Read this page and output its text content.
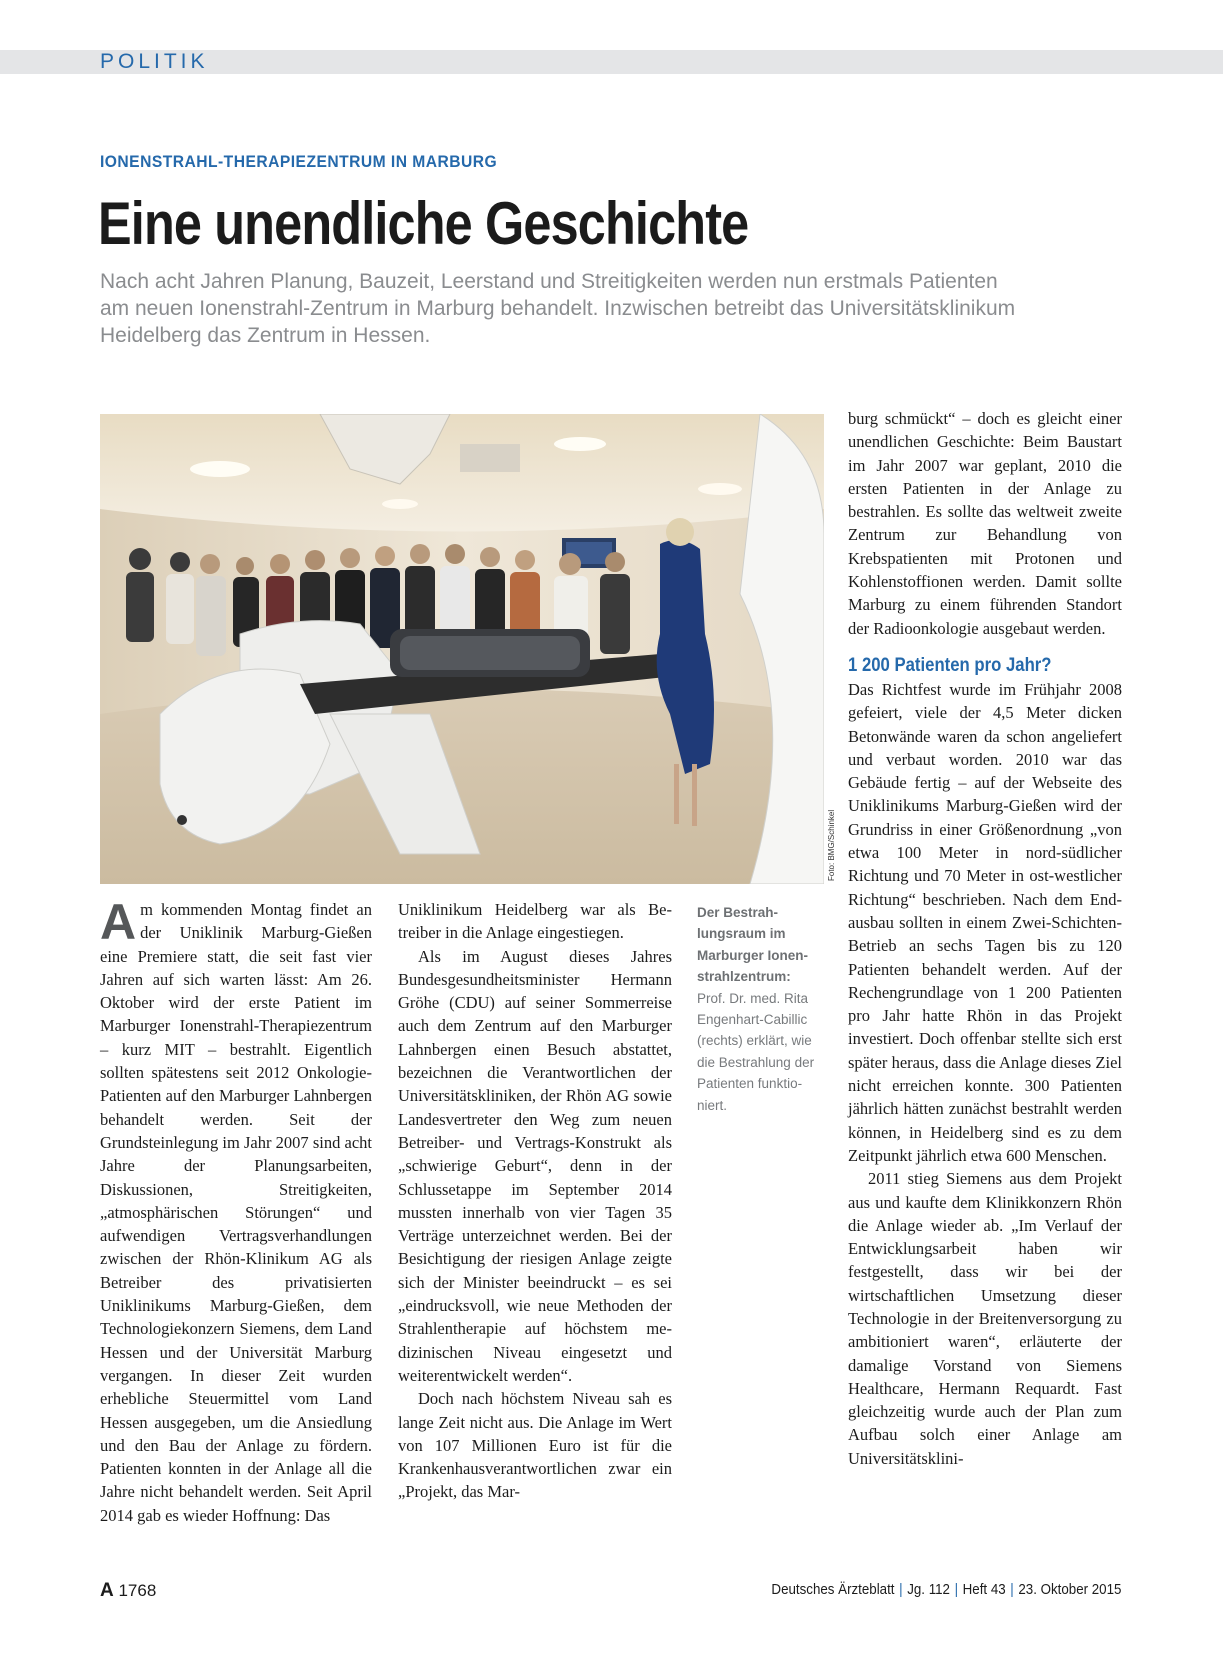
POLITIK
IONENSTRAHL-THERAPIEZENTRUM IN MARBURG
Eine unendliche Geschichte

Nach acht Jahren Planung, Bauzeit, Leerstand und Streitigkeiten werden nun erstmals Patienten am neuen Ionenstrahl-Zentrum in Marburg behandelt. Inzwischen betreibt das Universitätsklinikum Heidelberg das Zentrum in Hessen.

Foto: BMG/Schinkel

Am kommenden Montag findet an der Uniklinik Marburg-Gießen eine Premiere statt, die seit fast vier Jahren auf sich warten lässt: Am 26. Oktober wird der erste Patient im Marburger Ionenstrahl-Therapiezentrum – kurz MIT – bestrahlt. Eigentlich sollten spätestens seit 2012 Onkologie-Patienten auf den Marburger Lahnbergen behandelt werden. Seit der Grundsteinlegung im Jahr 2007 sind acht Jahre der Planungsarbeiten, Diskussionen, Streitigkeiten, „atmosphärischen Störungen“ und aufwendigen Vertragsverhandlungen zwischen der Rhön-Klinikum AG als Betreiber des privatisierten Uniklinikums Marburg-Gießen, dem Technologiekonzern Siemens, dem Land Hessen und der Universität Marburg vergangen. In dieser Zeit wurden erhebliche Steuermittel vom Land Hessen ausgegeben, um die Ansiedlung und den Bau der Anlage zu fördern. Patienten konnten in der Anlage all die Jahre nicht behandelt werden. Seit April 2014 gab es wieder Hoffnung: Das

Uniklinikum Heidelberg war als Betreiber in die Anlage eingestiegen.

Als im August dieses Jahres Bundesgesundheitsminister Hermann Gröhe (CDU) auf seiner Sommerreise auch dem Zentrum auf den Marburger Lahnbergen einen Besuch abstattet, bezeichnen die Verantwortlichen der Universitätskliniken, der Rhön AG sowie Landesvertreter den Weg zum neuen Betreiber- und Vertrags-Konstrukt als „schwierige Geburt“, denn in der Schlussetappe im September 2014 mussten innerhalb von vier Tagen 35 Verträge unterzeichnet werden. Bei der Besichtigung der riesigen Anlage zeigte sich der Minister beeindruckt – es sei „eindrucksvoll, wie neue Methoden der Strahlentherapie auf höchstem medizinischen Niveau eingesetzt und weiterentwickelt werden“.

Doch nach höchstem Niveau sah es lange Zeit nicht aus. Die Anlage im Wert von 107 Millionen Euro ist für die Krankenhausverantwortlichen zwar ein „Projekt, das Mar-

Der Bestrahlungsraum im Marburger Ionenstrahlzentrum:
Prof. Dr. med. Rita Engenhart-Cabillic (rechts) erklärt, wie die Bestrahlung der Patienten funktioniert.

burg schmückt“ – doch es gleicht einer unendlichen Geschichte: Beim Baustart im Jahr 2007 war geplant, 2010 die ersten Patienten in der Anlage zu bestrahlen. Es sollte das weltweit zweite Zentrum zur Behandlung von Krebspatienten mit Protonen und Kohlenstoffionen werden. Damit sollte Marburg zu einem führenden Standort der Radioonkologie ausgebaut werden.

1 200 Patienten pro Jahr?

Das Richtfest wurde im Frühjahr 2008 gefeiert, viele der 4,5 Meter dicken Betonwände waren da schon angeliefert und verbaut worden. 2010 war das Gebäude fertig – auf der Webseite des Uniklinikums Marburg-Gießen wird der Grundriss in einer Größenordnung „von etwa 100 Meter in nord-südlicher Richtung und 70 Meter in ost-westlicher Richtung“ beschrieben. Nach dem Endausbau sollten in einem Zwei-Schichten-Betrieb an sechs Tagen bis zu 120 Patienten behandelt werden. Auf der Rechengrundlage von 1 200 Patienten pro Jahr hatte Rhön in das Projekt investiert. Doch offenbar stellte sich erst später heraus, dass die Anlage dieses Ziel nicht erreichen konnte. 300 Patienten jährlich hätten zunächst bestrahlt werden können, in Heidelberg sind es zu dem Zeitpunkt jährlich etwa 600 Menschen.

2011 stieg Siemens aus dem Projekt aus und kaufte dem Klinikkonzern Rhön die Anlage wieder ab. „Im Verlauf der Entwicklungsarbeit haben wir festgestellt, dass wir bei der wirtschaftlichen Umsetzung dieser Technologie in der Breitenversorgung zu ambitioniert waren“, erläuterte der damalige Vorstand von Siemens Healthcare, Hermann Requardt. Fast gleichzeitig wurde auch der Plan zum Aufbau solch einer Anlage am Universitätsklini-

A 1768	Deutsches Ärzteblatt | Jg. 112 | Heft 43 | 23. Oktober 2015
